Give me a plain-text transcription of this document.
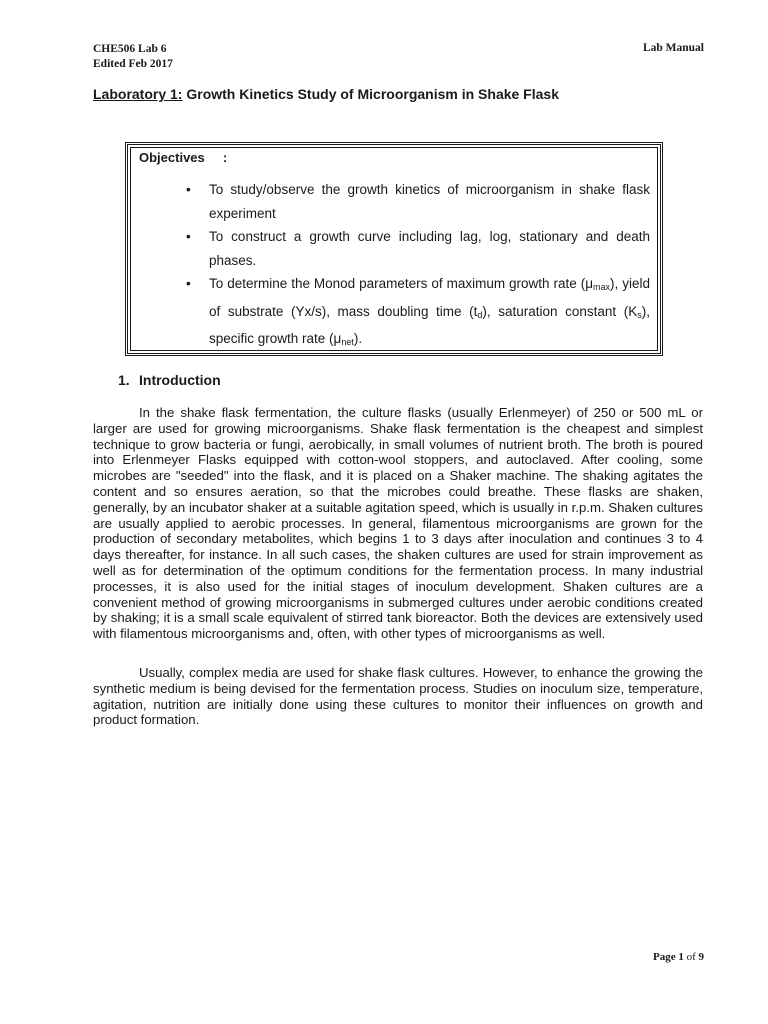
CHE506 Lab 6
Edited Feb 2017
Lab Manual
Laboratory 1: Growth Kinetics Study of Microorganism in Shake Flask
Objectives     :
• To study/observe the growth kinetics of microorganism in shake flask experiment
• To construct a growth curve including lag, log, stationary and death phases.
• To determine the Monod parameters of maximum growth rate $(\mu_{max})$, yield of substrate (Yx/s), mass doubling time $(t_d)$, saturation constant $(K_s)$, specific growth rate $(\mu_{net})$.
1. Introduction

In the shake flask fermentation, the culture flasks (usually Erlenmeyer) of 250 or 500 mL or larger are used for growing microorganisms. Shake flask fermentation is the cheapest and simplest technique to grow bacteria or fungi, aerobically, in small volumes of nutrient broth. The broth is poured into Erlenmeyer Flasks equipped with cotton-wool stoppers, and autoclaved. After cooling, some microbes are "seeded" into the flask, and it is placed on a Shaker machine. The shaking agitates the content and so ensures aeration, so that the microbes could breathe. These flasks are shaken, generally, by an incubator shaker at a suitable agitation speed, which is usually in r.p.m. Shaken cultures are usually applied to aerobic processes. In general, filamentous microorganisms are grown for the production of secondary metabolites, which begins 1 to 3 days after inoculation and continues 3 to 4 days thereafter, for instance. In all such cases, the shaken cultures are used for strain improvement as well as for determination of the optimum conditions for the fermentation process. In many industrial processes, it is also used for the initial stages of inoculum development. Shaken cultures are a convenient method of growing microorganisms in submerged cultures under aerobic conditions created by shaking; it is a small scale equivalent of stirred tank bioreactor. Both the devices are extensively used with filamentous microorganisms and, often, with other types of microorganisms as well.

Usually, complex media are used for shake flask cultures. However, to enhance the growing the synthetic medium is being devised for the fermentation process. Studies on inoculum size, temperature, agitation, nutrition are initially done using these cultures to monitor their influences on growth and product formation.

Page 1 of 9
